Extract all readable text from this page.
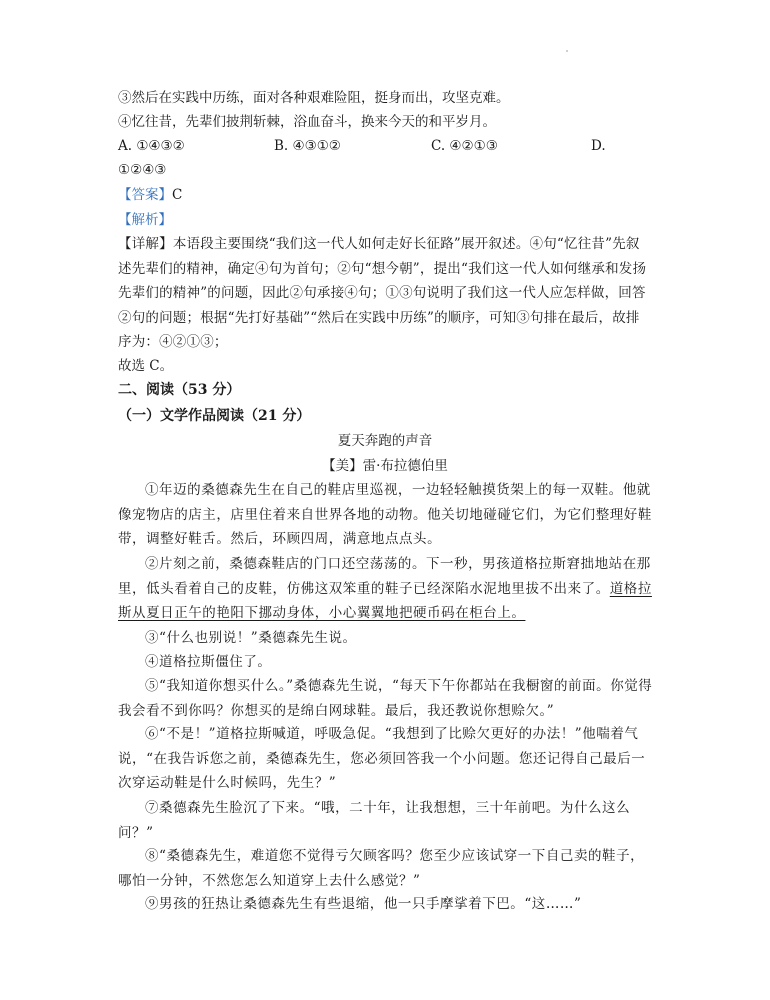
③然后在实践中历练，面对各种艰难险阻，挺身而出，攻坚克难。
④忆往昔，先辈们披荆斩棘，浴血奋斗，换来今天的和平岁月。
A. ①④③②	B. ④③①②	C. ④②①③	D.
①②④③
【答案】C
【解析】
【详解】本语段主要围绕“我们这一代人如何走好长征路”展开叙述。④句“忆往昔”先叙述先辈们的精神，确定④句为首句；②句“想今朝”，提出“我们这一代人如何继承和发扬先辈们的精神”的问题，因此②句承接④句；①③句说明了我们这一代人应怎样做，回答②句的问题；根据“先打好基础”“然后在实践中历练”的顺序，可知③句排在最后，故排序为：④②①③；
故选 C。
二、阅读（53 分）
（一）文学作品阅读（21 分）
夏天奔跑的声音
【美】雷·布拉德伯里
①年迈的桑德森先生在自己的鞋店里巡视，一边轻轻触摸货架上的每一双鞋。他就像宠物店的店主，店里住着来自世界各地的动物。他关切地碰碰它们，为它们整理好鞋带，调整好鞋舌。然后，环顾四周，满意地点点头。
②片刻之前，桑德森鞋店的门口还空荡荡的。下一秒，男孩道格拉斯窘拙地站在那里，低头看着自己的皮鞋，仿佛这双笨重的鞋子已经深陷水泥地里拔不出来了。道格拉斯从夏日正午的艳阳下挪动身体，小心翼翼地把硬币码在柜台上。
③“什么也别说！”桑德森先生说。
④道格拉斯僵住了。
⑤“我知道你想买什么。”桑德森先生说，“每天下午你都站在我橱窗的前面。你觉得我会看不到你吗？你想买的是绵白网球鞋。最后，我还教说你想赊欠。”
⑥“不是！”道格拉斯喊道，呼吸急促。“我想到了比赊欠更好的办法！”他喘着气说，“在我告诉您之前，桑德森先生，您必须回答我一个小问题。您还记得自己最后一次穿运动鞋是什么时候吗，先生？”
⑦桑德森先生脸沉了下来。“哦，二十年，让我想想，三十年前吧。为什么这么问？”
⑧“桑德森先生，难道您不觉得亏欠顾客吗？您至少应该试穿一下自己卖的鞋子，哪怕一分钟，不然您怎么知道穿上去什么感觉？”
⑨男孩的狂热让桑德森先生有些退缩，他一只手摩挲着下巴。“这……”
